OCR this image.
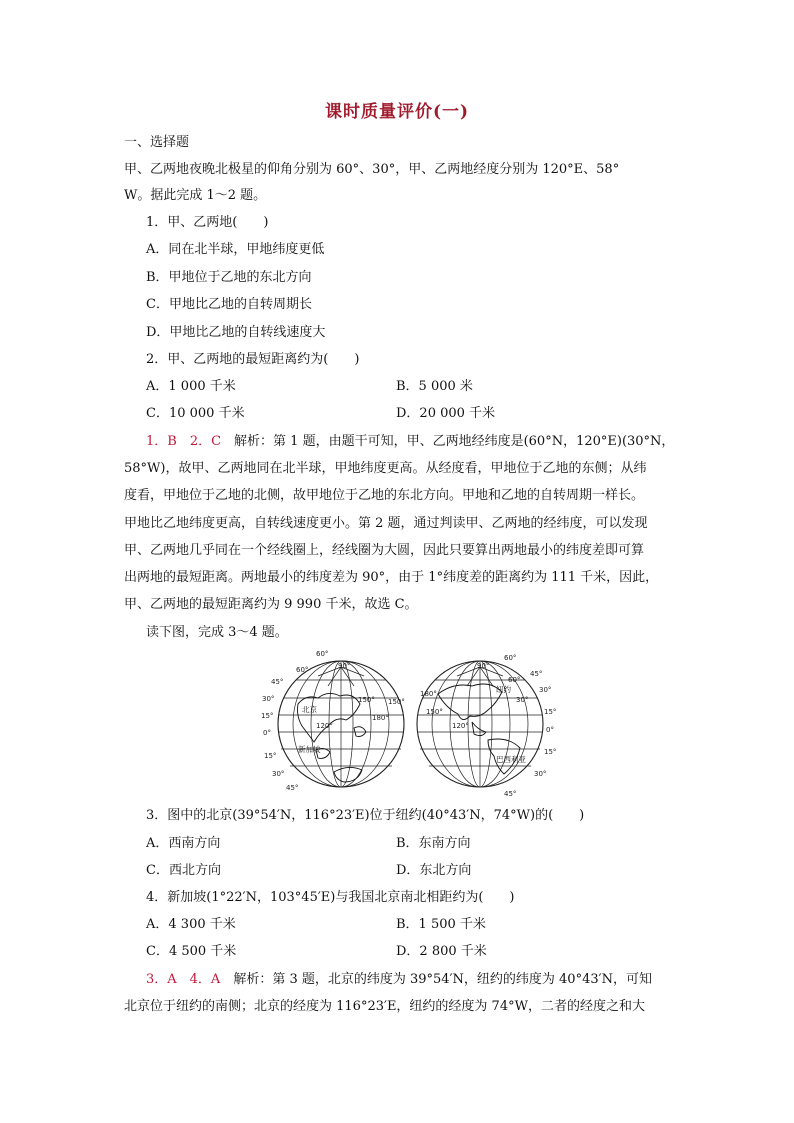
课时质量评价(一)
一、选择题
甲、乙两地夜晚北极星的仰角分别为 60°、30°，甲、乙两地经度分别为 120°E、58°
W。据此完成 1～2 题。
1．甲、乙两地(　　)
A．同在北半球，甲地纬度更低
B．甲地位于乙地的东北方向
C．甲地比乙地的自转周期长
D．甲地比乙地的自转线速度大
2．甲、乙两地的最短距离约为(　　)
A．1 000 千米	B．5 000 米
C．10 000 千米	D．20 000 千米
1．B　2．C　解析：第 1 题，由题干可知，甲、乙两地经纬度是(60°N，120°E)(30°N，
58°W)，故甲、乙两地同在北半球，甲地纬度更高。从经度看，甲地位于乙地的东侧；从纬
度看，甲地位于乙地的北侧，故甲地位于乙地的东北方向。甲地和乙地的自转周期一样长。
甲地比乙地纬度更高，自转线速度更小。第 2 题，通过判读甲、乙两地的经纬度，可以发现
甲、乙两地几乎同在一个经线圈上，经线圈为大圆，因此只要算出两地最小的纬度差即可算
出两地的最短距离。两地最小的纬度差为 90°，由于 1°纬度差的距离约为 111 千米，因此，
甲、乙两地的最短距离约为 9 990 千米，故选 C。
读下图，完成 3～4 题。
60°
45°
30°
15°
0°
15°
30°
45°
90°
120°
150°
180°
150°
60°
北京
新加坡
60°
45°
30°
15°
0°
15°
30°
45°
90°
120°
150°
180°
60°
30°
纽约
巴西利亚
3．图中的北京(39°54′N，116°23′E)位于纽约(40°43′N，74°W)的(　　)
A．西南方向	B．东南方向
C．西北方向	D．东北方向
4．新加坡(1°22′N，103°45′E)与我国北京南北相距约为(　　)
A．4 300 千米	B．1 500 千米
C．4 500 千米	D．2 800 千米
3．A　4．A　解析：第 3 题，北京的纬度为 39°54′N，纽约的纬度为 40°43′N，可知
北京位于纽约的南侧；北京的经度为 116°23′E，纽约的经度为 74°W，二者的经度之和大
